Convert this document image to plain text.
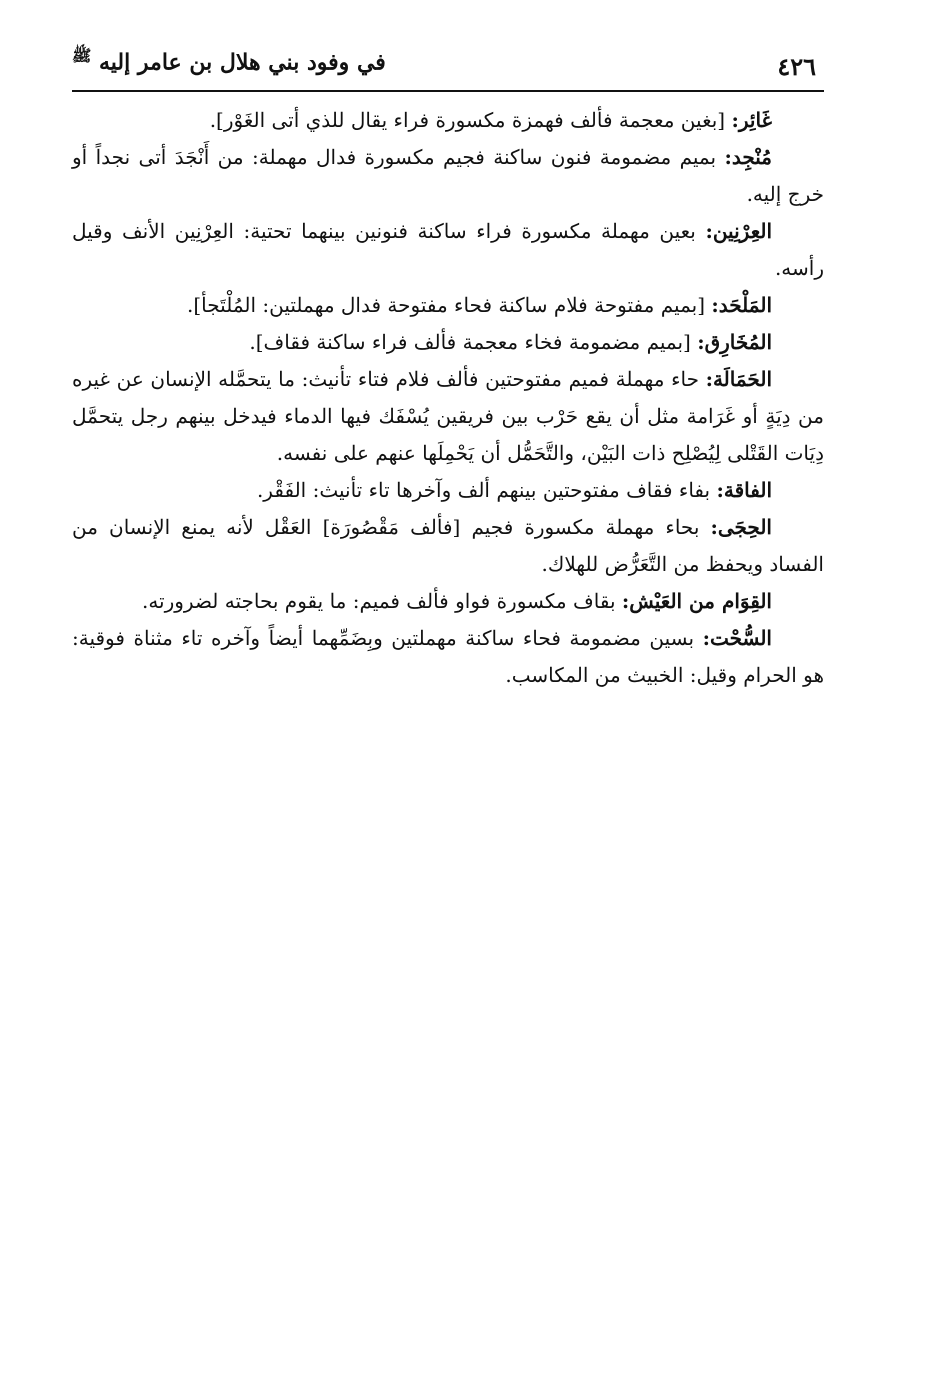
٤٢٦
في وفود بني هلال بن عامر إليه $^ﷺ$

غَائِر: [بغين معجمة فألف فهمزة مكسورة فراء يقال للذي أتى الغَوْر].

مُنْجِد: بميم مضمومة فنون ساكنة فجيم مكسورة فدال مهملة: من أَنْجَدَ أتى نجداً أو خرج إليه.

العِرْنِين: بعين مهملة مكسورة فراء ساكنة فنونين بينهما تحتية: العِرْنِين الأنف وقيل رأسه.

المَلْحَد: [بميم مفتوحة فلام ساكنة فحاء مفتوحة فدال مهملتين: المُلْتَجأ].

المُخَارِق: [بميم مضمومة فخاء معجمة فألف فراء ساكنة فقاف].

الحَمَالَة: حاء مهملة فميم مفتوحتين فألف فلام فتاء تأنيث: ما يتحمَّله الإنسان عن غيره من دِيَةٍ أو غَرَامة مثل أن يقع حَرْب بين فريقين يُسْفَك فيها الدماء فيدخل بينهم رجل يتحمَّل دِيَات القَتْلى لِيُصْلِح ذات البَيْن، والتَّحَمُّل أن يَحْمِلَها عنهم على نفسه.

الفاقة: بفاء فقاف مفتوحتين بينهم ألف وآخرها تاء تأنيث: الفَقْر.

الحِجَى: بحاء مهملة مكسورة فجيم [فألف مَقْصُورَة] العَقْل لأنه يمنع الإنسان من الفساد ويحفظ من التَّعَرُّض للهلاك.

القِوَام من العَيْش: بقاف مكسورة فواو فألف فميم: ما يقوم بحاجته لضرورته.

السُّحْت: بسين مضمومة فحاء ساكنة مهملتين وبِضَمِّهما أيضاً وآخره تاء مثناة فوقية: هو الحرام وقيل: الخبيث من المكاسب.
